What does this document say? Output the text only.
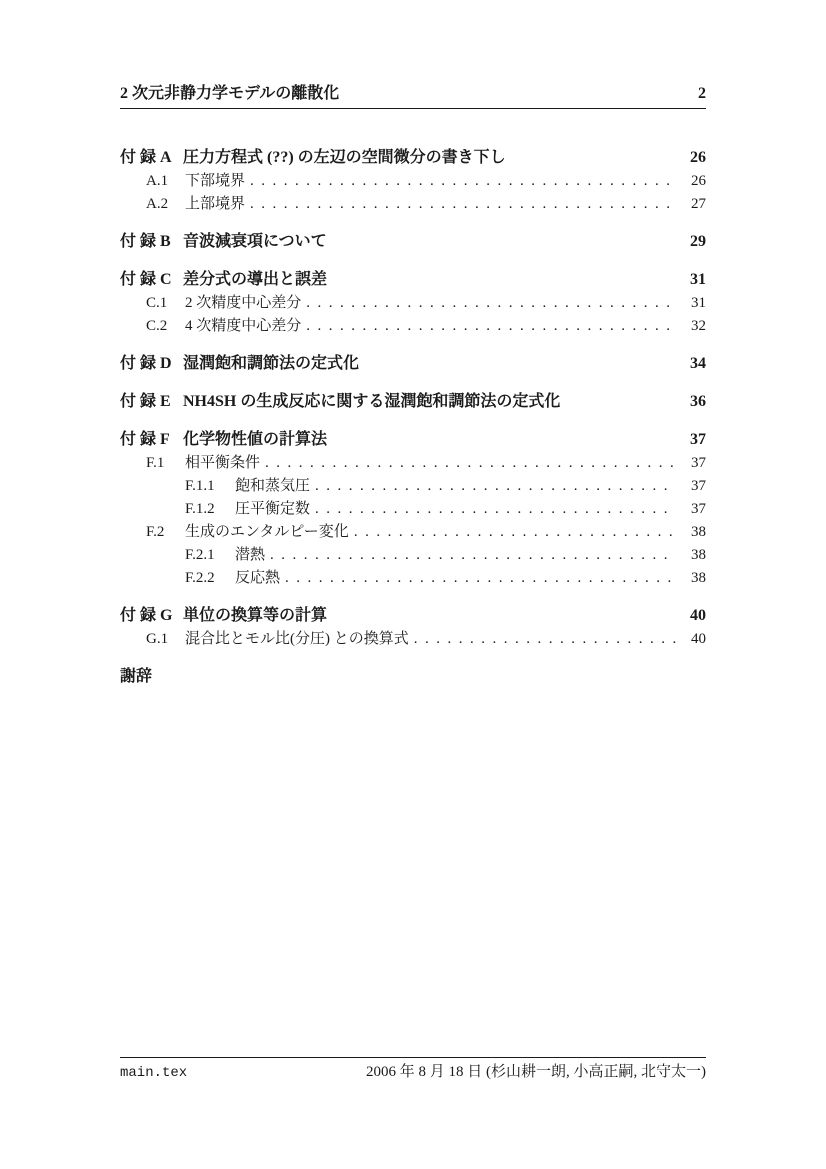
2 次元非静力学モデルの離散化	2
付 録 A 圧力方程式 (??) の左辺の空間微分の書き下し	26
A.1	下部境界 .....	26
A.2	上部境界 .....	27
付 録 B 音波減衰項について	29
付 録 C 差分式の導出と誤差	31
C.1	2 次精度中心差分 .....	31
C.2	4 次精度中心差分 .....	32
付 録 D 湿潤飽和調節法の定式化	34
付 録 E NH4SH の生成反応に関する湿潤飽和調節法の定式化	36
付 録 F 化学物性値の計算法	37
F.1	相平衡条件 .....	37
F.1.1	飽和蒸気圧 .....	37
F.1.2	圧平衡定数 .....	37
F.2	生成のエンタルピー変化 .....	38
F.2.1	潜熱 .....	38
F.2.2	反応熱 .....	38
付 録 G 単位の換算等の計算	40
G.1	混合比とモル比(分圧) との換算式 .....	40
謝辞
main.tex	2006 年 8 月 18 日 (杉山耕一朗, 小高正嗣, 北守太一)
